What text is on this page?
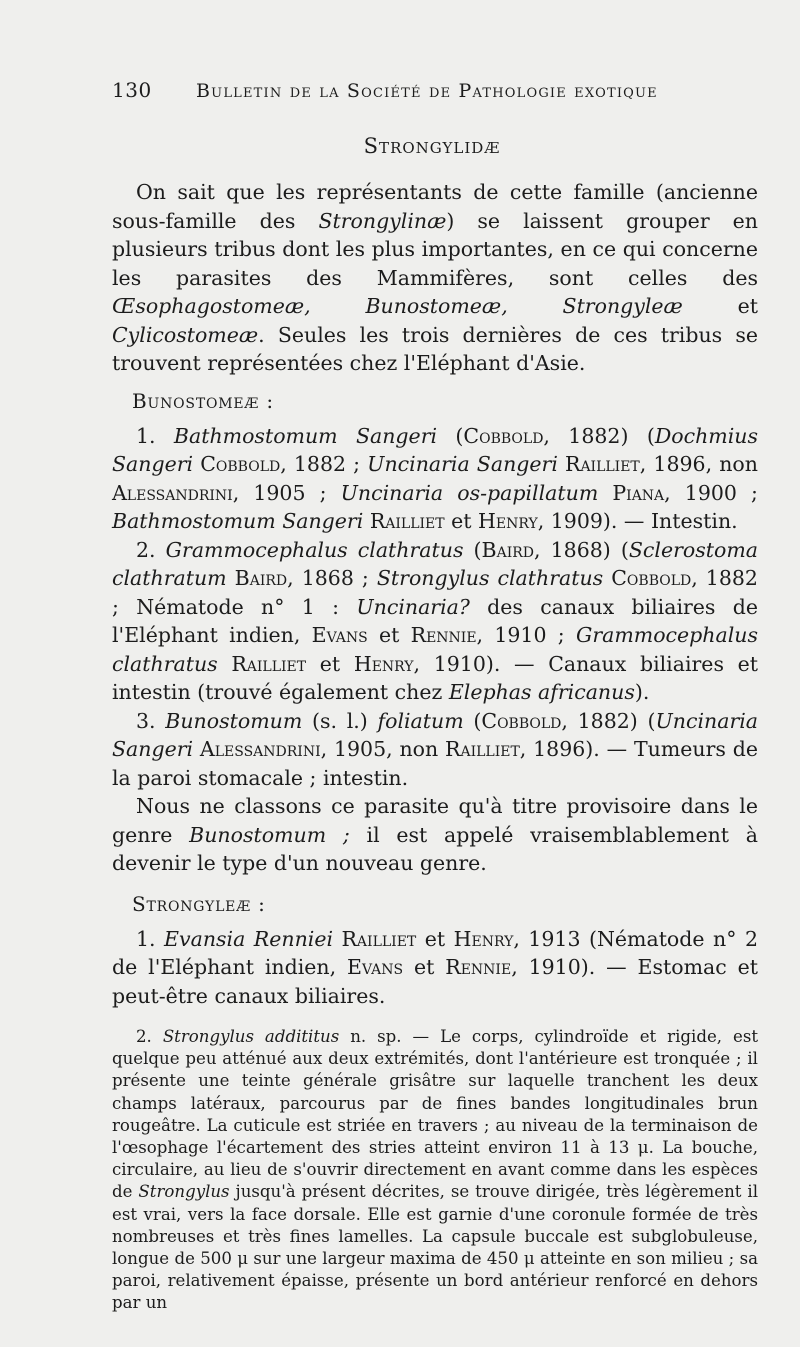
130	Bulletin de la Société de Pathologie exotique
Strongylidæ

On sait que les représentants de cette famille (ancienne sous-famille des Strongylinæ) se laissent grouper en plusieurs tribus dont les plus importantes, en ce qui concerne les parasites des Mammifères, sont celles des Œsophagostomeæ, Bunostomeæ, Strongyleæ et Cylicostomeæ. Seules les trois dernières de ces tribus se trouvent représentées chez l'Eléphant d'Asie.

Bunostomeæ :

1. Bathmostomum Sangeri (Cobbold, 1882) (Dochmius Sangeri Cobbold, 1882 ; Uncinaria Sangeri Railliet, 1896, non Alessandrini, 1905 ; Uncinaria os-papillatum Piana, 1900 ; Bathmostomum Sangeri Railliet et Henry, 1909). — Intestin.

2. Grammocephalus clathratus (Baird, 1868) (Sclerostoma clathratum Baird, 1868 ; Strongylus clathratus Cobbold, 1882 ; Nématode n° 1 : Uncinaria? des canaux biliaires de l'Eléphant indien, Evans et Rennie, 1910 ; Grammocephalus clathratus Railliet et Henry, 1910). — Canaux biliaires et intestin (trouvé également chez Elephas africanus).

3. Bunostomum (s. l.) foliatum (Cobbold, 1882) (Uncinaria Sangeri Alessandrini, 1905, non Railliet, 1896). — Tumeurs de la paroi stomacale ; intestin.

Nous ne classons ce parasite qu'à titre provisoire dans le genre Bunostomum ; il est appelé vraisemblablement à devenir le type d'un nouveau genre.

Strongyleæ :

1. Evansia Renniei Railliet et Henry, 1913 (Nématode n° 2 de l'Eléphant indien, Evans et Rennie, 1910). — Estomac et peut-être canaux biliaires.

2. Strongylus addititus n. sp. — Le corps, cylindroïde et rigide, est quelque peu atténué aux deux extrémités, dont l'antérieure est tronquée ; il présente une teinte générale grisâtre sur laquelle tranchent les deux champs latéraux, parcourus par de fines bandes longitudinales brun rougeâtre. La cuticule est striée en travers ; au niveau de la terminaison de l'œsophage l'écartement des stries atteint environ 11 à 13 μ. La bouche, circulaire, au lieu de s'ouvrir directement en avant comme dans les espèces de Strongylus jusqu'à présent décrites, se trouve dirigée, très légèrement il est vrai, vers la face dorsale. Elle est garnie d'une coronule formée de très nombreuses et très fines lamelles. La capsule buccale est subglobuleuse, longue de 500 μ sur une largeur maxima de 450 μ atteinte en son milieu ; sa paroi, relativement épaisse, présente un bord antérieur renforcé en dehors par un
